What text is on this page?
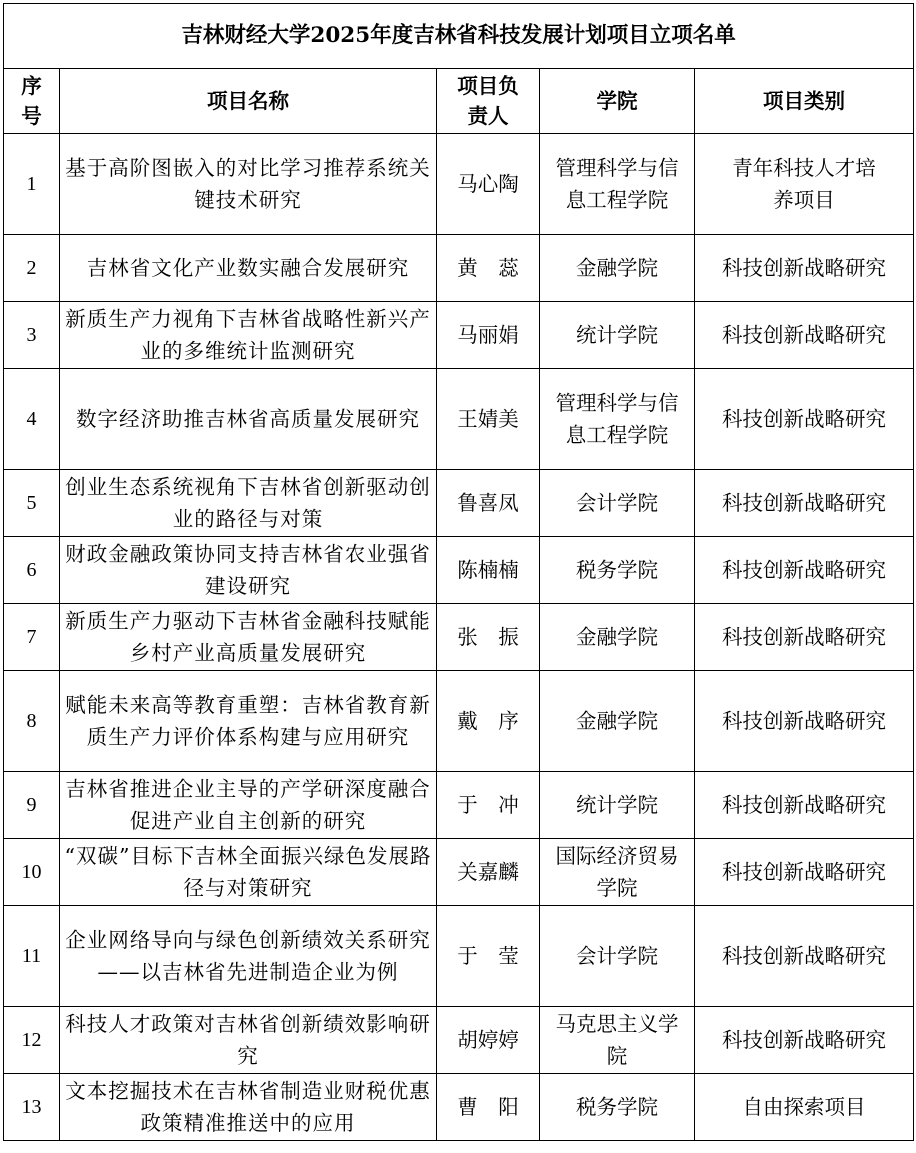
吉林财经大学2025年度吉林省科技发展计划项目立项名单				
序号	项目名称	项目负责人	学院	项目类别
1	基于高阶图嵌入的对比学习推荐系统关键技术研究	马心陶	管理科学与信息工程学院	青年科技人才培养项目
2	吉林省文化产业数实融合发展研究	黄　蕊	金融学院	科技创新战略研究
3	新质生产力视角下吉林省战略性新兴产业的多维统计监测研究	马丽娟	统计学院	科技创新战略研究
4	数字经济助推吉林省高质量发展研究	王婧美	管理科学与信息工程学院	科技创新战略研究
5	创业生态系统视角下吉林省创新驱动创业的路径与对策	鲁喜凤	会计学院	科技创新战略研究
6	财政金融政策协同支持吉林省农业强省建设研究	陈楠楠	税务学院	科技创新战略研究
7	新质生产力驱动下吉林省金融科技赋能乡村产业高质量发展研究	张　振	金融学院	科技创新战略研究
8	赋能未来高等教育重塑：吉林省教育新质生产力评价体系构建与应用研究	戴　序	金融学院	科技创新战略研究
9	吉林省推进企业主导的产学研深度融合促进产业自主创新的研究	于　冲	统计学院	科技创新战略研究
10	“双碳”目标下吉林全面振兴绿色发展路径与对策研究	关嘉麟	国际经济贸易学院	科技创新战略研究
11	企业网络导向与绿色创新绩效关系研究——以吉林省先进制造企业为例	于　莹	会计学院	科技创新战略研究
12	科技人才政策对吉林省创新绩效影响研究	胡婷婷	马克思主义学院	科技创新战略研究
13	文本挖掘技术在吉林省制造业财税优惠政策精准推送中的应用	曹　阳	税务学院	自由探索项目
